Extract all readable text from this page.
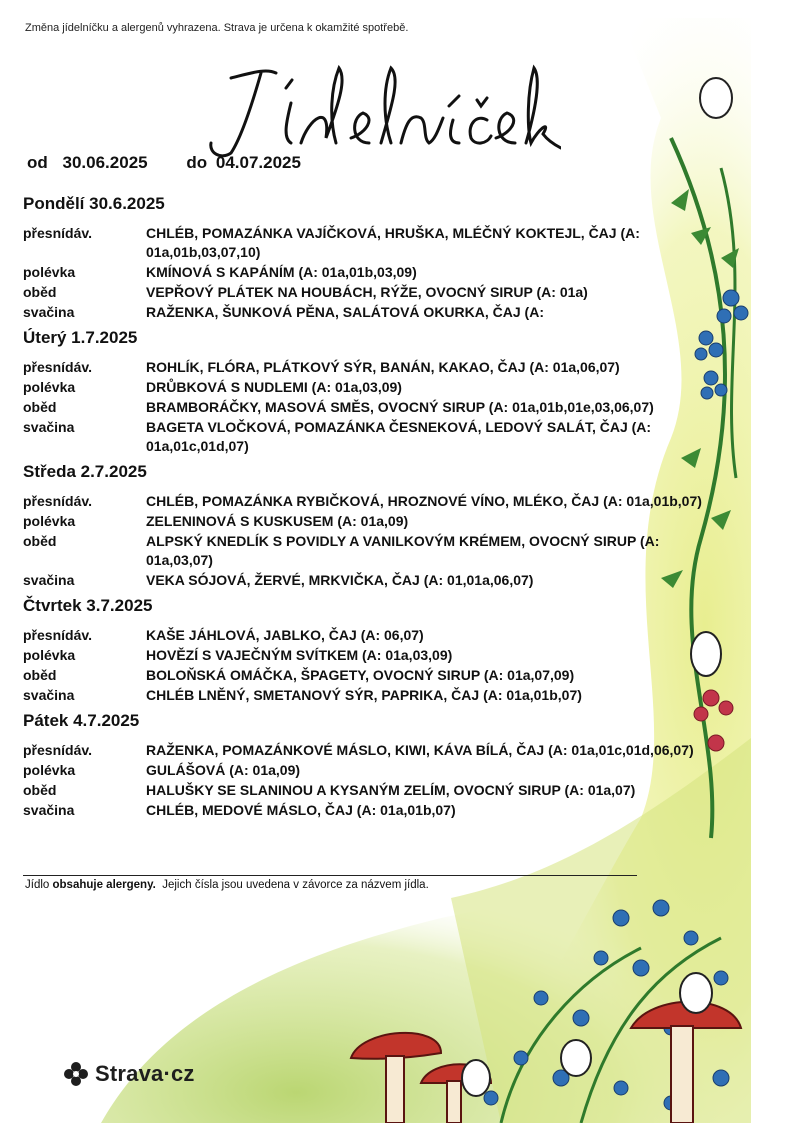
Změna jídelníčku a alergenů vyhrazena. Strava je určena k okamžité spotřebě.
od 30.06.2025 do 04.07.2025
Pondělí 30.6.2025
přesnídáv.	CHLÉB, POMAZÁNKA VAJÍČKOVÁ, HRUŠKA, MLÉČNÝ KOKTEJL, ČAJ (A: 01a,01b,03,07,10)
polévka	KMÍNOVÁ S KAPÁNÍM (A: 01a,01b,03,09)
oběd	VEPŘOVÝ PLÁTEK NA HOUBÁCH, RÝŽE, OVOCNÝ SIRUP (A: 01a)
svačina	RAŽENKA, ŠUNKOVÁ PĚNA, SALÁTOVÁ OKURKA, ČAJ (A:
Úterý 1.7.2025
přesnídáv.	ROHLÍK, FLÓRA, PLÁTKOVÝ SÝR, BANÁN, KAKAO, ČAJ (A: 01a,06,07)
polévka	DRŮBKOVÁ S NUDLEMI (A: 01a,03,09)
oběd	BRAMBORÁČKY, MASOVÁ SMĚS, OVOCNÝ SIRUP (A: 01a,01b,01e,03,06,07)
svačina	BAGETA VLOČKOVÁ, POMAZÁNKA ČESNEKOVÁ, LEDOVÝ SALÁT, ČAJ (A: 01a,01c,01d,07)
Středa 2.7.2025
přesnídáv.	CHLÉB, POMAZÁNKA RYBIČKOVÁ, HROZNOVÉ VÍNO, MLÉKO, ČAJ (A: 01a,01b,07)
polévka	ZELENINOVÁ S KUSKUSEM (A: 01a,09)
oběd	ALPSKÝ KNEDLÍK S POVIDLY A VANILKOVÝM KRÉMEM, OVOCNÝ SIRUP (A: 01a,03,07)
svačina	VEKA SÓJOVÁ, ŽERVÉ, MRKVIČKA, ČAJ (A: 01,01a,06,07)
Čtvrtek 3.7.2025
přesnídáv.	KAŠE JÁHLOVÁ, JABLKO, ČAJ (A: 06,07)
polévka	HOVĚZÍ S VAJEČNÝM SVÍTKEM (A: 01a,03,09)
oběd	BOLOŇSKÁ OMÁČKA, ŠPAGETY, OVOCNÝ SIRUP (A: 01a,07,09)
svačina	CHLÉB LNĚNÝ, SMETANOVÝ SÝR, PAPRIKA, ČAJ (A: 01a,01b,07)
Pátek 4.7.2025
přesnídáv.	RAŽENKA, POMAZÁNKOVÉ MÁSLO, KIWI, KÁVA BÍLÁ, ČAJ (A: 01a,01c,01d,06,07)
polévka	GULÁŠOVÁ (A: 01a,09)
oběd	HALUŠKY SE SLANINOU A KYSANÝM ZELÍM, OVOCNÝ SIRUP (A: 01a,07)
svačina	CHLÉB, MEDOVÉ MÁSLO, ČAJ (A: 01a,01b,07)
Jídlo obsahuje alergeny. Jejich čísla jsou uvedena v závorce za názvem jídla.
Strava·cz
